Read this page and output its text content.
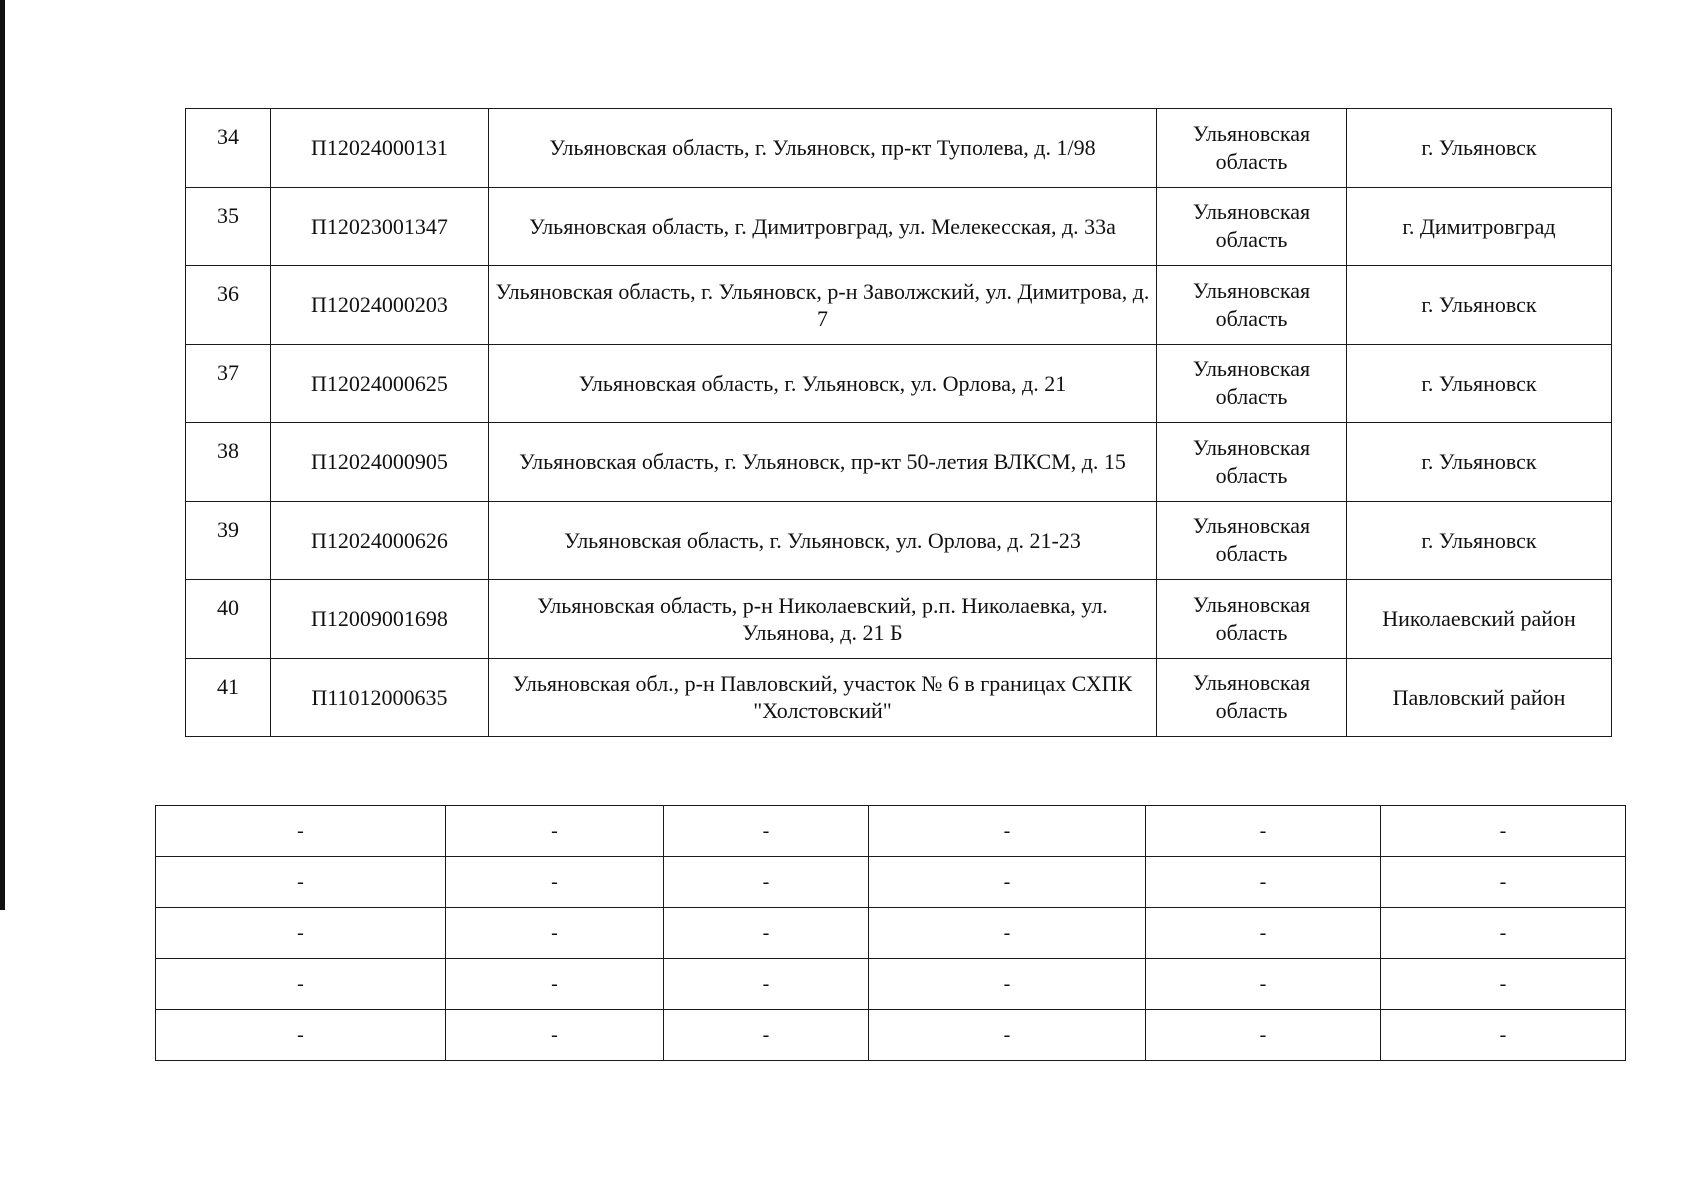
34	П12024000131	Ульяновская область, г. Ульяновск, пр-кт Туполева, д. 1/98	Ульяновская область	г. Ульяновск
35	П12023001347	Ульяновская область, г. Димитровград, ул. Мелекесская, д. 33а	Ульяновская область	г. Димитровград
36	П12024000203	Ульяновская область, г. Ульяновск, р-н Заволжский, ул. Димитрова, д. 7	Ульяновская область	г. Ульяновск
37	П12024000625	Ульяновская область, г. Ульяновск, ул. Орлова, д. 21	Ульяновская область	г. Ульяновск
38	П12024000905	Ульяновская область, г. Ульяновск, пр-кт 50-летия ВЛКСМ, д. 15	Ульяновская область	г. Ульяновск
39	П12024000626	Ульяновская область, г. Ульяновск, ул. Орлова, д. 21-23	Ульяновская область	г. Ульяновск
40	П12009001698	Ульяновская область, р-н Николаевский, р.п. Николаевка, ул. Ульянова, д. 21 Б	Ульяновская область	Николаевский район
41	П11012000635	Ульяновская обл., р-н Павловский, участок № 6 в границах СХПК "Холстовский"	Ульяновская область	Павловский район
-	-	-	-	-	-
-	-	-	-	-	-
-	-	-	-	-	-
-	-	-	-	-	-
-	-	-	-	-	-
